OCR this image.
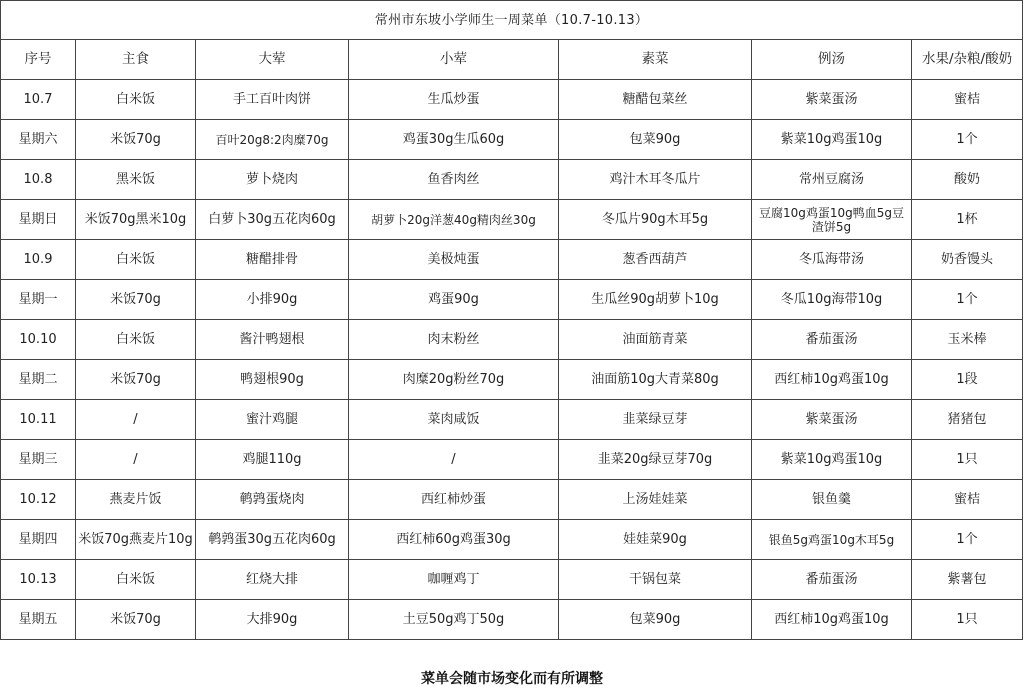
常州市东坡小学师生一周菜单（10.7-10.13）						
序号	主食	大荤	小荤	素菜	例汤	水果/杂粮/酸奶
10.7	白米饭	手工百叶肉饼	生瓜炒蛋	糖醋包菜丝	紫菜蛋汤	蜜桔
星期六	米饭70g	百叶20g8:2肉糜70g	鸡蛋30g生瓜60g	包菜90g	紫菜10g鸡蛋10g	1个
10.8	黑米饭	萝卜烧肉	鱼香肉丝	鸡汁木耳冬瓜片	常州豆腐汤	酸奶
星期日	米饭70g黑米10g	白萝卜30g五花肉60g	胡萝卜20g洋葱40g精肉丝30g	冬瓜片90g木耳5g	豆腐10g鸡蛋10g鸭血5g豆渣饼5g	1杯
10.9	白米饭	糖醋排骨	美极炖蛋	葱香西葫芦	冬瓜海带汤	奶香馒头
星期一	米饭70g	小排90g	鸡蛋90g	生瓜丝90g胡萝卜10g	冬瓜10g海带10g	1个
10.10	白米饭	酱汁鸭翅根	肉末粉丝	油面筋青菜	番茄蛋汤	玉米棒
星期二	米饭70g	鸭翅根90g	肉糜20g粉丝70g	油面筋10g大青菜80g	西红柿10g鸡蛋10g	1段
10.11	/	蜜汁鸡腿	菜肉咸饭	韭菜绿豆芽	紫菜蛋汤	猪猪包
星期三	/	鸡腿110g	/	韭菜20g绿豆芽70g	紫菜10g鸡蛋10g	1只
10.12	燕麦片饭	鹌鹑蛋烧肉	西红柿炒蛋	上汤娃娃菜	银鱼羹	蜜桔
星期四	米饭70g燕麦片10g	鹌鹑蛋30g五花肉60g	西红柿60g鸡蛋30g	娃娃菜90g	银鱼5g鸡蛋10g木耳5g	1个
10.13	白米饭	红烧大排	咖喱鸡丁	干锅包菜	番茄蛋汤	紫薯包
星期五	米饭70g	大排90g	土豆50g鸡丁50g	包菜90g	西红柿10g鸡蛋10g	1只
菜单会随市场变化而有所调整
